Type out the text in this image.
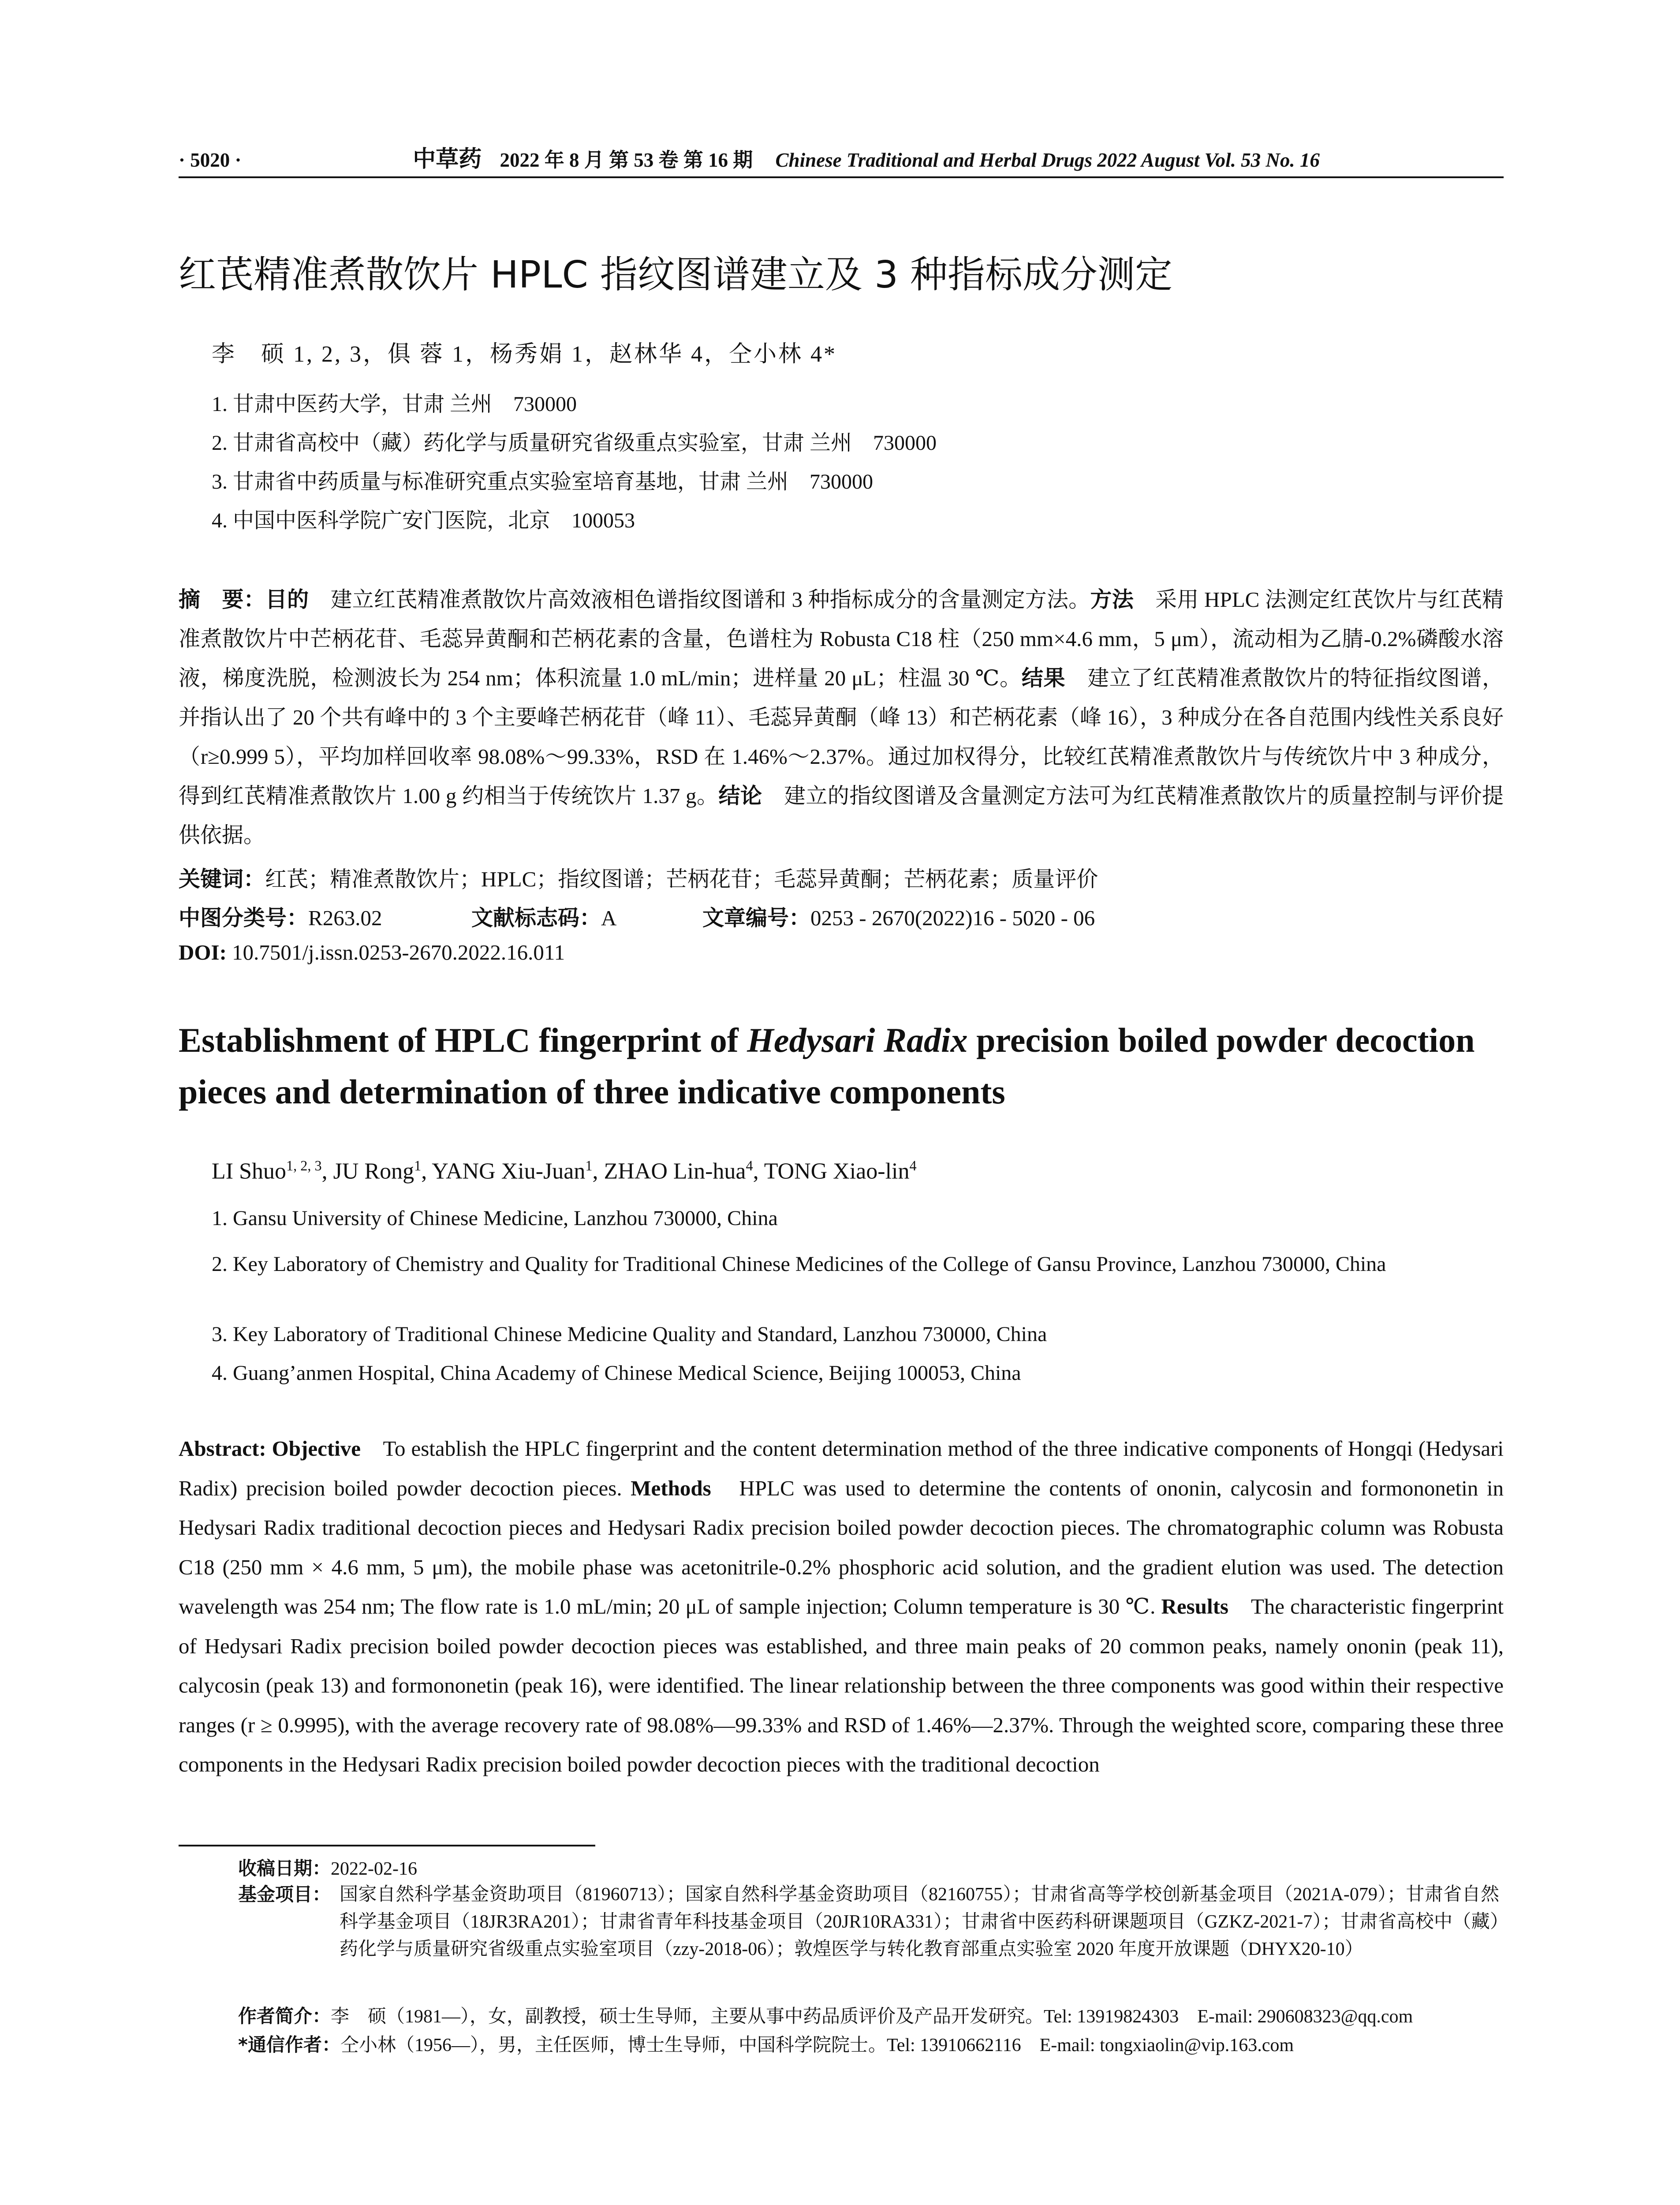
· 5020 ·	中草药 2022 年 8 月 第 53 卷 第 16 期 Chinese Traditional and Herbal Drugs 2022 August Vol. 53 No. 16
红芪精准煮散饮片 HPLC 指纹图谱建立及 3 种指标成分测定
李　硕 1, 2, 3，俱 蓉 1，杨秀娟 1，赵林华 4，仝小林 4*
1. 甘肃中医药大学，甘肃 兰州　730000
2. 甘肃省高校中（藏）药化学与质量研究省级重点实验室，甘肃 兰州　730000
3. 甘肃省中药质量与标准研究重点实验室培育基地，甘肃 兰州　730000
4. 中国中医科学院广安门医院，北京　100053
摘　要：目的　建立红芪精准煮散饮片高效液相色谱指纹图谱和 3 种指标成分的含量测定方法。方法　采用 HPLC 法测定红芪饮片与红芪精准煮散饮片中芒柄花苷、毛蕊异黄酮和芒柄花素的含量，色谱柱为 Robusta C18 柱（250 mm×4.6 mm，5 μm），流动相为乙腈-0.2%磷酸水溶液，梯度洗脱，检测波长为 254 nm；体积流量 1.0 mL/min；进样量 20 μL；柱温 30 ℃。结果　建立了红芪精准煮散饮片的特征指纹图谱，并指认出了 20 个共有峰中的 3 个主要峰芒柄花苷（峰 11）、毛蕊异黄酮（峰 13）和芒柄花素（峰 16），3 种成分在各自范围内线性关系良好（r≥0.999 5），平均加样回收率 98.08%～99.33%，RSD 在 1.46%～2.37%。通过加权得分，比较红芪精准煮散饮片与传统饮片中 3 种成分，得到红芪精准煮散饮片 1.00 g 约相当于传统饮片 1.37 g。结论　建立的指纹图谱及含量测定方法可为红芪精准煮散饮片的质量控制与评价提供依据。
关键词：红芪；精准煮散饮片；HPLC；指纹图谱；芒柄花苷；毛蕊异黄酮；芒柄花素；质量评价
中图分类号：R263.02	文献标志码：A	文章编号：0253 - 2670(2022)16 - 5020 - 06
DOI: 10.7501/j.issn.0253-2670.2022.16.011
Establishment of HPLC fingerprint of Hedysari Radix precision boiled powder decoction pieces and determination of three indicative components
LI Shuo$^{1, 2, 3}$, JU Rong$^1$, YANG Xiu-Juan$^1$, ZHAO Lin-hua$^4$, TONG Xiao-lin$^4$
1. Gansu University of Chinese Medicine, Lanzhou 730000, China
2. Key Laboratory of Chemistry and Quality for Traditional Chinese Medicines of the College of Gansu Province, Lanzhou 730000, China
3. Key Laboratory of Traditional Chinese Medicine Quality and Standard, Lanzhou 730000, China
4. Guang’anmen Hospital, China Academy of Chinese Medical Science, Beijing 100053, China
Abstract: Objective　To establish the HPLC fingerprint and the content determination method of the three indicative components of Hongqi (Hedysari Radix) precision boiled powder decoction pieces. Methods　HPLC was used to determine the contents of ononin, calycosin and formononetin in Hedysari Radix traditional decoction pieces and Hedysari Radix precision boiled powder decoction pieces. The chromatographic column was Robusta C18 (250 mm × 4.6 mm, 5 μm), the mobile phase was acetonitrile-0.2% phosphoric acid solution, and the gradient elution was used. The detection wavelength was 254 nm; The flow rate is 1.0 mL/min; 20 μL of sample injection; Column temperature is 30 ℃. Results　The characteristic fingerprint of Hedysari Radix precision boiled powder decoction pieces was established, and three main peaks of 20 common peaks, namely ononin (peak 11), calycosin (peak 13) and formononetin (peak 16), were identified. The linear relationship between the three components was good within their respective ranges (r ≥ 0.9995), with the average recovery rate of 98.08%—99.33% and RSD of 1.46%—2.37%. Through the weighted score, comparing these three components in the Hedysari Radix precision boiled powder decoction pieces with the traditional decoction
收稿日期：2022-02-16
基金项目： 国家自然科学基金资助项目（81960713）；国家自然科学基金资助项目（82160755）；甘肃省高等学校创新基金项目（2021A-079）；甘肃省自然科学基金项目（18JR3RA201）；甘肃省青年科技基金项目（20JR10RA331）；甘肃省中医药科研课题项目（GZKZ-2021-7）；甘肃省高校中（藏）药化学与质量研究省级重点实验室项目（zzy-2018-06）；敦煌医学与转化教育部重点实验室 2020 年度开放课题（DHYX20-10）
作者简介：李　硕（1981—），女，副教授，硕士生导师，主要从事中药品质评价及产品开发研究。Tel: 13919824303　E-mail: 290608323@qq.com
*通信作者：仝小林（1956—），男，主任医师，博士生导师，中国科学院院士。Tel: 13910662116　E-mail: tongxiaolin@vip.163.com
